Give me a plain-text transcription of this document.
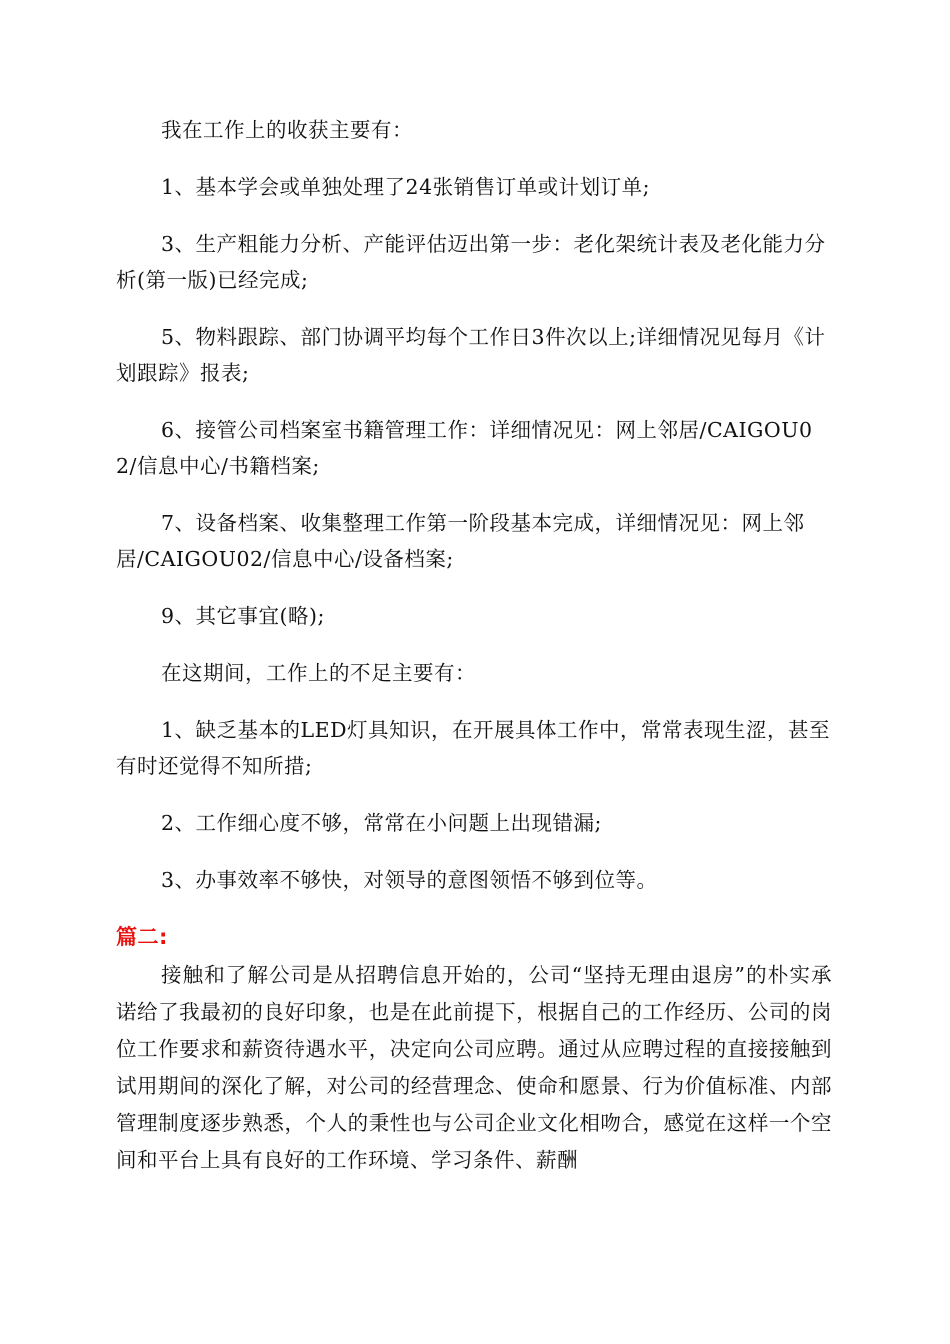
我在工作上的收获主要有：

1、基本学会或单独处理了24张销售订单或计划订单;

3、生产粗能力分析、产能评估迈出第一步：老化架统计表及老化能力分析(第一版)已经完成;

5、物料跟踪、部门协调平均每个工作日3件次以上;详细情况见每月《计划跟踪》报表;

6、接管公司档案室书籍管理工作：详细情况见：网上邻居/CAIGOU02/信息中心/书籍档案;

7、设备档案、收集整理工作第一阶段基本完成，详细情况见：网上邻居/CAIGOU02/信息中心/设备档案;

9、其它事宜(略);

在这期间，工作上的不足主要有：

1、缺乏基本的LED灯具知识，在开展具体工作中，常常表现生涩，甚至有时还觉得不知所措;

2、工作细心度不够，常常在小问题上出现错漏;

3、办事效率不够快，对领导的意图领悟不够到位等。

篇二:

接触和了解公司是从招聘信息开始的，公司“坚持无理由退房”的朴实承诺给了我最初的良好印象，也是在此前提下，根据自己的工作经历、公司的岗位工作要求和薪资待遇水平，决定向公司应聘。通过从应聘过程的直接接触到试用期间的深化了解，对公司的经营理念、使命和愿景、行为价值标准、内部管理制度逐步熟悉，个人的秉性也与公司企业文化相吻合，感觉在这样一个空间和平台上具有良好的工作环境、学习条件、薪酬
